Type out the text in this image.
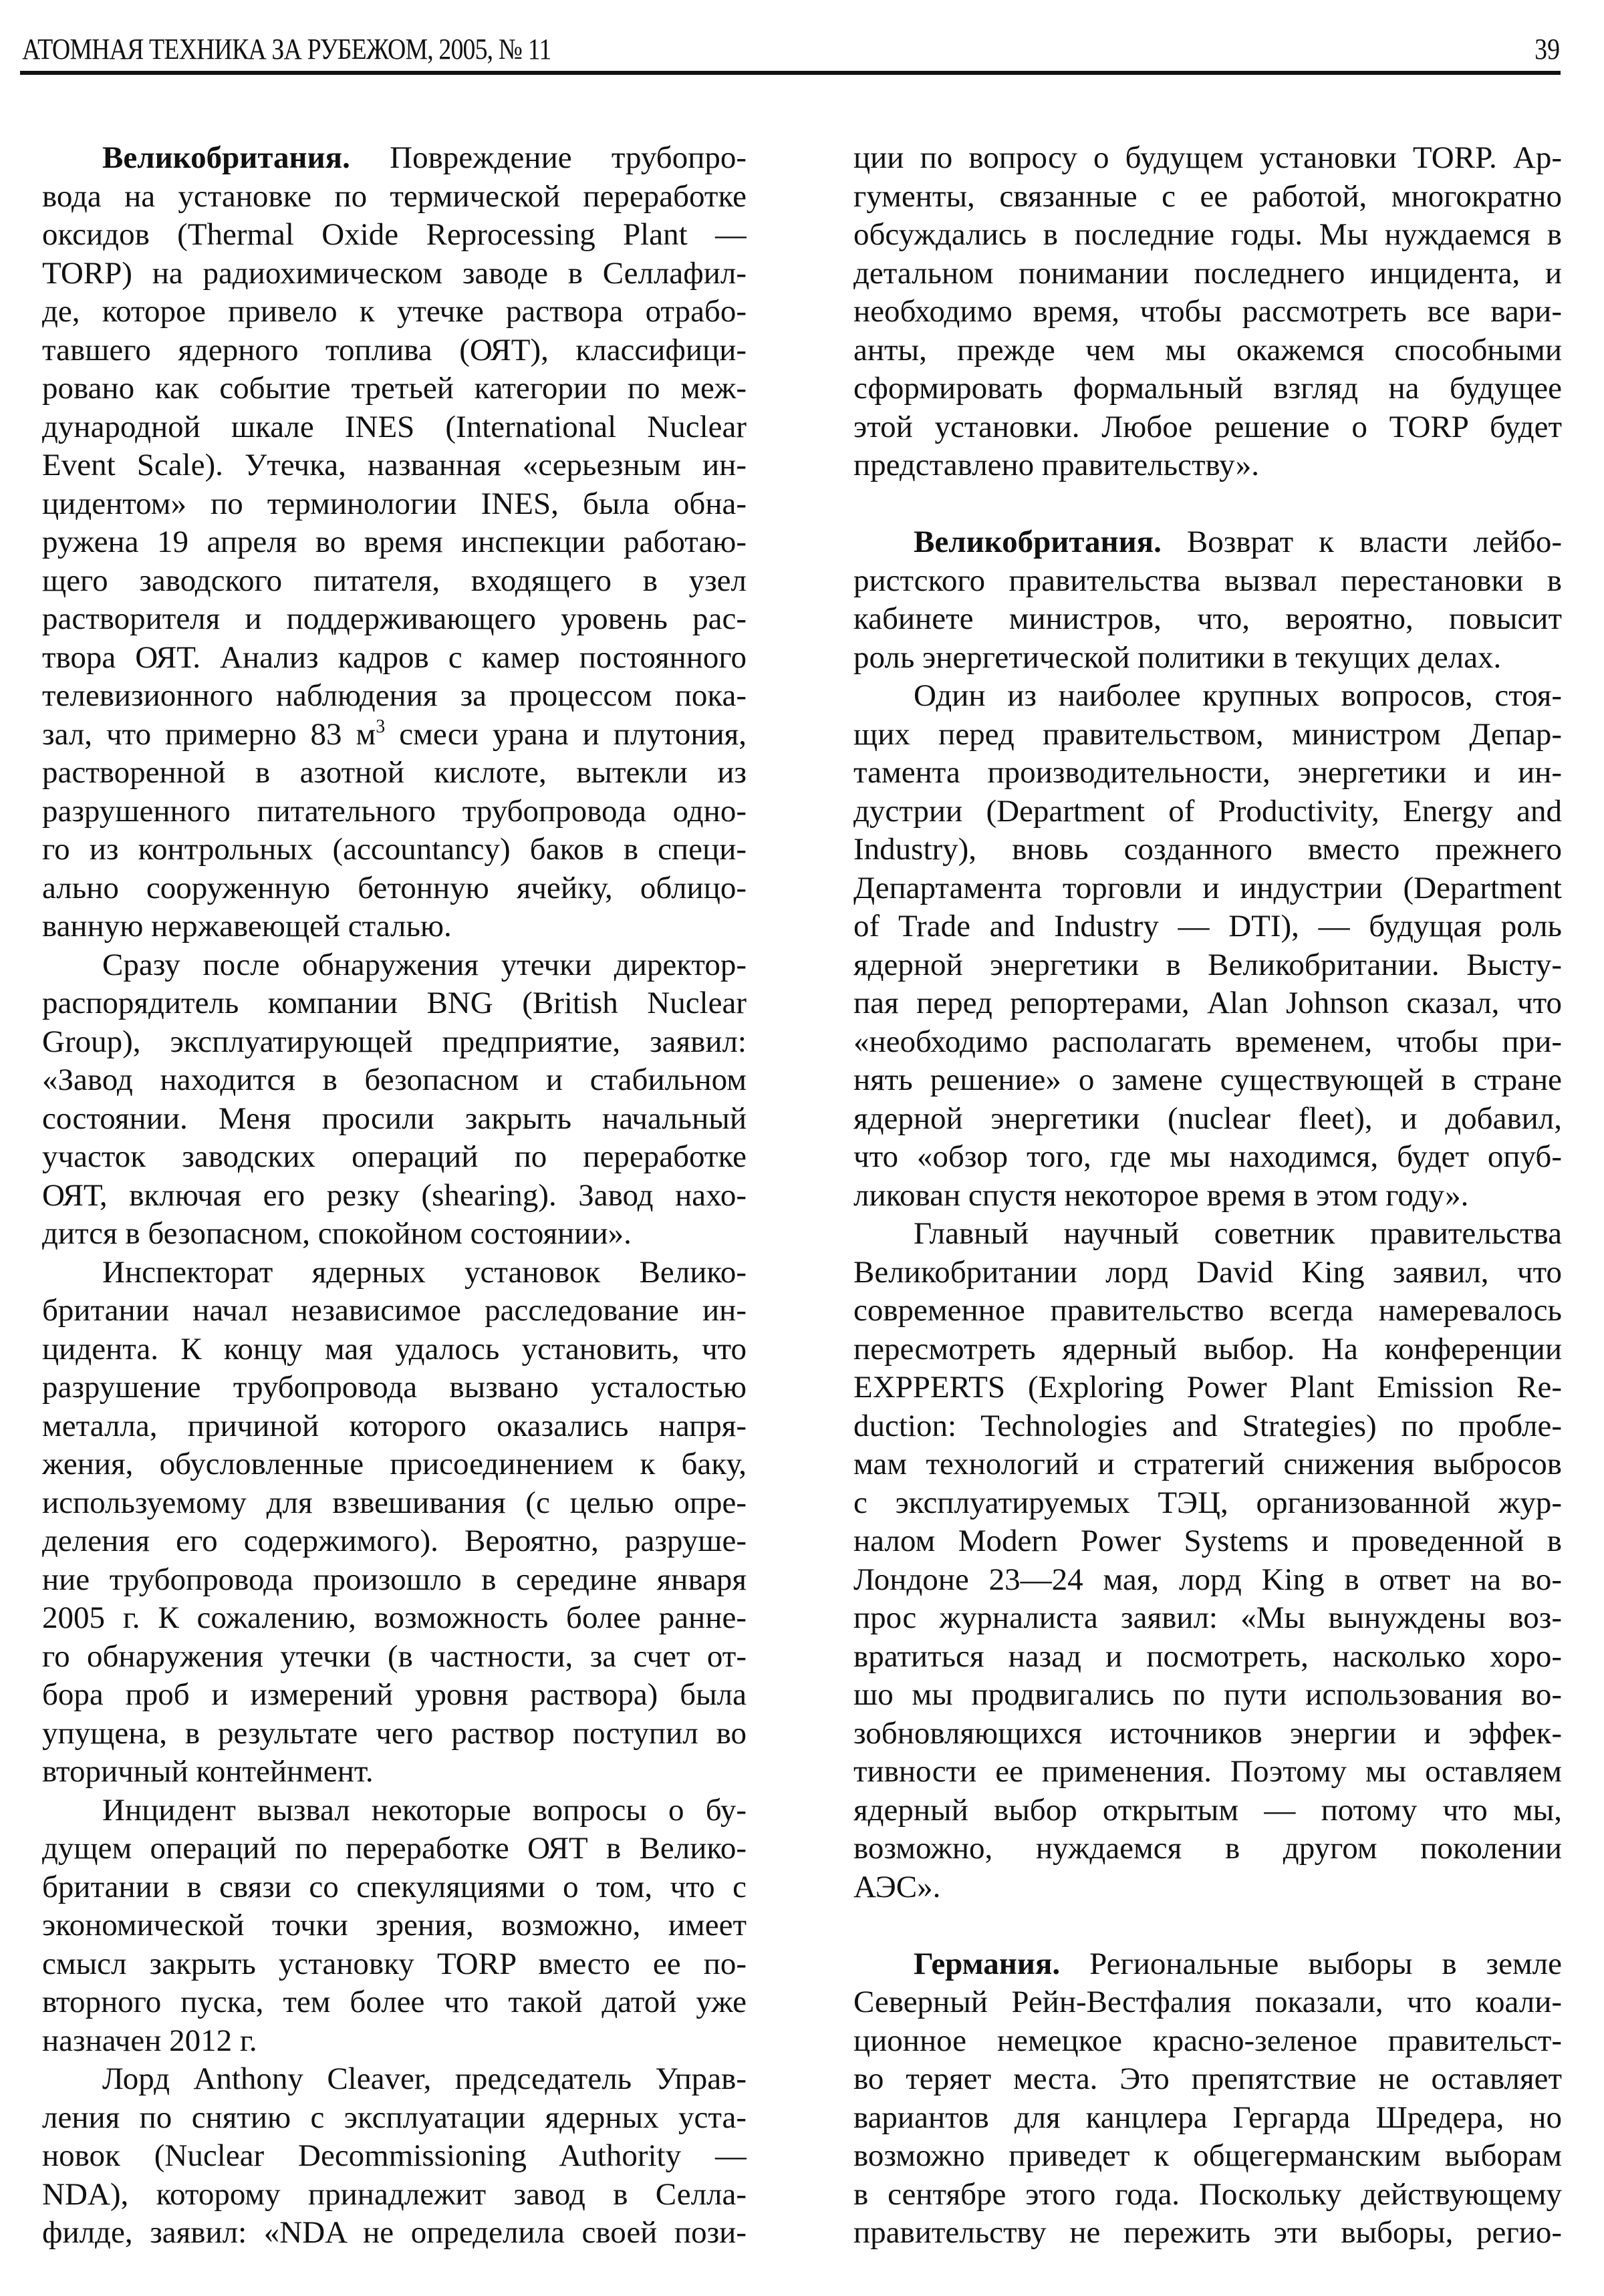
АТОМНАЯ ТЕХНИКА ЗА РУБЕЖОМ, 2005, № 11	39
Великобритания. Повреждение трубопро-
вода на установке по термической переработке
оксидов (Thermal Oxide Reprocessing Plant —
TORP) на радиохимическом заводе в Селлафил-
де, которое привело к утечке раствора отрабо-
тавшего ядерного топлива (ОЯТ), классифици-
ровано как событие третьей категории по меж-
дународной шкале INES (International Nuclear
Event Scale). Утечка, названная «серьезным ин-
цидентом» по терминологии INES, была обна-
ружена 19 апреля во время инспекции работаю-
щего заводского питателя, входящего в узел
растворителя и поддерживающего уровень рас-
твора ОЯТ. Анализ кадров с камер постоянного
телевизионного наблюдения за процессом пока-
зал, что примерно 83 $м^3$ смеси урана и плутония,
растворенной в азотной кислоте, вытекли из
разрушенного питательного трубопровода одно-
го из контрольных (accountancy) баков в специ-
ально сооруженную бетонную ячейку, облицо-
ванную нержавеющей сталью.
Сразу после обнаружения утечки директор-
распорядитель компании BNG (British Nuclear
Group), эксплуатирующей предприятие, заявил:
«Завод находится в безопасном и стабильном
состоянии. Меня просили закрыть начальный
участок заводских операций по переработке
ОЯТ, включая его резку (shearing). Завод нахо-
дится в безопасном, спокойном состоянии».
Инспекторат ядерных установок Велико-
британии начал независимое расследование ин-
цидента. К концу мая удалось установить, что
разрушение трубопровода вызвано усталостью
металла, причиной которого оказались напря-
жения, обусловленные присоединением к баку,
используемому для взвешивания (с целью опре-
деления его содержимого). Вероятно, разруше-
ние трубопровода произошло в середине января
2005 г. К сожалению, возможность более ранне-
го обнаружения утечки (в частности, за счет от-
бора проб и измерений уровня раствора) была
упущена, в результате чего раствор поступил во
вторичный контейнмент.
Инцидент вызвал некоторые вопросы о бу-
дущем операций по переработке ОЯТ в Велико-
британии в связи со спекуляциями о том, что с
экономической точки зрения, возможно, имеет
смысл закрыть установку TORP вместо ее по-
вторного пуска, тем более что такой датой уже
назначен 2012 г.
Лорд Anthony Cleaver, председатель Управ-
ления по снятию с эксплуатации ядерных уста-
новок (Nuclear Decommissioning Authority —
NDA), которому принадлежит завод в Селла-
филде, заявил: «NDA не определила своей пози-
ции по вопросу о будущем установки TORP. Ар-
гументы, связанные с ее работой, многократно
обсуждались в последние годы. Мы нуждаемся в
детальном понимании последнего инцидента, и
необходимо время, чтобы рассмотреть все вари-
анты, прежде чем мы окажемся способными
сформировать формальный взгляд на будущее
этой установки. Любое решение о TORP будет
представлено правительству».
Великобритания. Возврат к власти лейбо-
ристского правительства вызвал перестановки в
кабинете министров, что, вероятно, повысит
роль энергетической политики в текущих делах.
Один из наиболее крупных вопросов, стоя-
щих перед правительством, министром Депар-
тамента производительности, энергетики и ин-
дустрии (Department of Productivity, Energy and
Industry), вновь созданного вместо прежнего
Департамента торговли и индустрии (Department
of Trade and Industry — DTI), — будущая роль
ядерной энергетики в Великобритании. Высту-
пая перед репортерами, Alan Johnson сказал, что
«необходимо располагать временем, чтобы при-
нять решение» о замене существующей в стране
ядерной энергетики (nuclear fleet), и добавил,
что «обзор того, где мы находимся, будет опуб-
ликован спустя некоторое время в этом году».
Главный научный советник правительства
Великобритании лорд David King заявил, что
современное правительство всегда намеревалось
пересмотреть ядерный выбор. На конференции
EXPPERTS (Exploring Power Plant Emission Re-
duction: Technologies and Strategies) по пробле-
мам технологий и стратегий снижения выбросов
с эксплуатируемых ТЭЦ, организованной жур-
налом Modern Power Systems и проведенной в
Лондоне 23—24 мая, лорд King в ответ на во-
прос журналиста заявил: «Мы вынуждены воз-
вратиться назад и посмотреть, насколько хоро-
шо мы продвигались по пути использования во-
зобновляющихся источников энергии и эффек-
тивности ее применения. Поэтому мы оставляем
ядерный выбор открытым — потому что мы,
возможно, нуждаемся в другом поколении
АЭС».
Германия. Региональные выборы в земле
Северный Рейн-Вестфалия показали, что коали-
ционное немецкое красно-зеленое правительст-
во теряет места. Это препятствие не оставляет
вариантов для канцлера Гергарда Шредера, но
возможно приведет к общегерманским выборам
в сентябре этого года. Поскольку действующему
правительству не пережить эти выборы, регио-
